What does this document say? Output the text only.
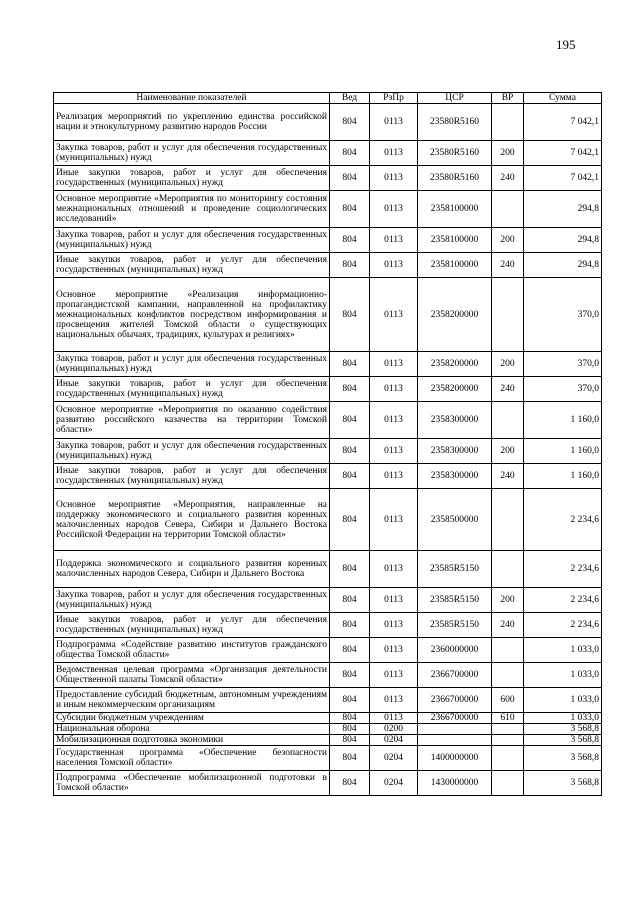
195
Наименование показателей	Вед	РзПр	ЦСР	ВР	Сумма
Реализация мероприятий по укреплению единства российской нации и этнокультурному развитию народов России	804	0113	23580R5160		7 042,1
Закупка товаров, работ и услуг для обеспечения государственных (муниципальных) нужд	804	0113	23580R5160	200	7 042,1
Иные закупки товаров, работ и услуг для обеспечения государственных (муниципальных) нужд	804	0113	23580R5160	240	7 042,1
Основное мероприятие «Мероприятия по мониторингу состояния межнациональных отношений и проведение социологических исследований»	804	0113	2358100000		294,8
Закупка товаров, работ и услуг для обеспечения государственных (муниципальных) нужд	804	0113	2358100000	200	294,8
Иные закупки товаров, работ и услуг для обеспечения государственных (муниципальных) нужд	804	0113	2358100000	240	294,8
Основное мероприятие «Реализация информационно-пропагандистской кампании, направленной на профилактику межнациональных конфликтов посредством информирования и просвещения жителей Томской области о существующих национальных обычаях, традициях, культурах и религиях»	804	0113	2358200000		370,0
Закупка товаров, работ и услуг для обеспечения государственных (муниципальных) нужд	804	0113	2358200000	200	370,0
Иные закупки товаров, работ и услуг для обеспечения государственных (муниципальных) нужд	804	0113	2358200000	240	370,0
Основное мероприятие «Мероприятия по оказанию содействия развитию российского казачества на территории Томской области»	804	0113	2358300000		1 160,0
Закупка товаров, работ и услуг для обеспечения государственных (муниципальных) нужд	804	0113	2358300000	200	1 160,0
Иные закупки товаров, работ и услуг для обеспечения государственных (муниципальных) нужд	804	0113	2358300000	240	1 160,0
Основное мероприятие «Мероприятия, направленные на поддержку экономического и социального развития коренных малочисленных народов Севера, Сибири и Дальнего Востока Российской Федерации на территории Томской области»	804	0113	2358500000		2 234,6
Поддержка экономического и социального развития коренных малочисленных народов Севера, Сибири и Дальнего Востока	804	0113	23585R5150		2 234,6
Закупка товаров, работ и услуг для обеспечения государственных (муниципальных) нужд	804	0113	23585R5150	200	2 234,6
Иные закупки товаров, работ и услуг для обеспечения государственных (муниципальных) нужд	804	0113	23585R5150	240	2 234,6
Подпрограмма «Содействие развитию институтов гражданского общества Томской области»	804	0113	2360000000		1 033,0
Ведомственная целевая программа «Организация деятельности Общественной палаты Томской области»	804	0113	2366700000		1 033,0
Предоставление субсидий бюджетным, автономным учреждениям и иным некоммерческим организациям	804	0113	2366700000	600	1 033,0
Субсидии бюджетным учреждениям	804	0113	2366700000	610	1 033,0
Национальная оборона	804	0200			3 568,8
Мобилизационная подготовка экономики	804	0204			3 568,8
Государственная программа «Обеспечение безопасности населения Томской области»	804	0204	1400000000		3 568,8
Подпрограмма «Обеспечение мобилизационной подготовки в Томской области»	804	0204	1430000000		3 568,8
